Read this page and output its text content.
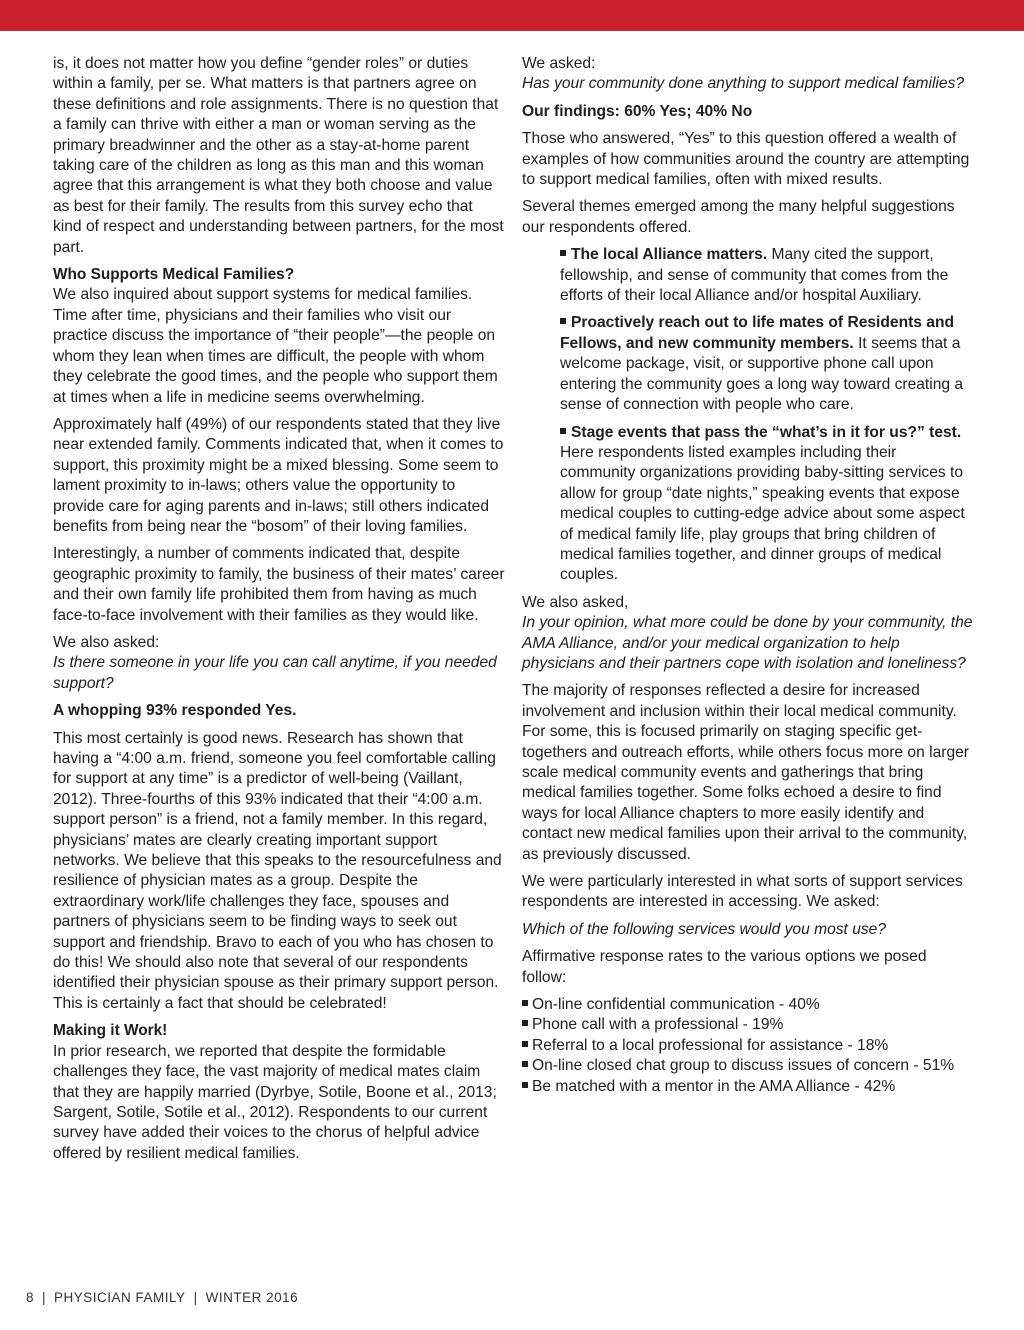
is, it does not matter how you define “gender roles” or duties within a family, per se. What matters is that partners agree on these definitions and role assignments. There is no question that a family can thrive with either a man or woman serving as the primary breadwinner and the other as a stay-at-home parent taking care of the children as long as this man and this woman agree that this arrangement is what they both choose and value as best for their family. The results from this survey echo that kind of respect and understanding between partners, for the most part.

Who Supports Medical Families?

We also inquired about support systems for medical families. Time after time, physicians and their families who visit our practice discuss the importance of “their people”—the people on whom they lean when times are difficult, the people with whom they celebrate the good times, and the people who support them at times when a life in medicine seems overwhelming.

Approximately half (49%) of our respondents stated that they live near extended family. Comments indicated that, when it comes to support, this proximity might be a mixed blessing. Some seem to lament proximity to in-laws; others value the opportunity to provide care for aging parents and in-laws; still others indicated benefits from being near the “bosom” of their loving families.

Interestingly, a number of comments indicated that, despite geographic proximity to family, the business of their mates’ career and their own family life prohibited them from having as much face-to-face involvement with their families as they would like.

We also asked:

Is there someone in your life you can call anytime, if you needed support?

A whopping 93% responded Yes.

This most certainly is good news. Research has shown that having a “4:00 a.m. friend, someone you feel comfortable calling for support at any time” is a predictor of well-being (Vaillant, 2012). Three-fourths of this 93% indicated that their “4:00 a.m. support person” is a friend, not a family member. In this regard, physicians’ mates are clearly creating important support networks. We believe that this speaks to the resourcefulness and resilience of physician mates as a group. Despite the extraordinary work/life challenges they face, spouses and partners of physicians seem to be finding ways to seek out support and friendship. Bravo to each of you who has chosen to do this! We should also note that several of our respondents identified their physician spouse as their primary support person. This is certainly a fact that should be celebrated!

Making it Work!

In prior research, we reported that despite the formidable challenges they face, the vast majority of medical mates claim that they are happily married (Dyrbye, Sotile, Boone et al., 2013; Sargent, Sotile, Sotile et al., 2012). Respondents to our current survey have added their voices to the chorus of helpful advice offered by resilient medical families.

We asked:

Has your community done anything to support medical families?

Our findings: 60% Yes; 40% No

Those who answered, “Yes” to this question offered a wealth of examples of how communities around the country are attempting to support medical families, often with mixed results.

Several themes emerged among the many helpful suggestions our respondents offered.

The local Alliance matters. Many cited the support, fellowship, and sense of community that comes from the efforts of their local Alliance and/or hospital Auxiliary.
Proactively reach out to life mates of Residents and Fellows, and new community members. It seems that a welcome package, visit, or supportive phone call upon entering the community goes a long way toward creating a sense of connection with people who care.
Stage events that pass the “what’s in it for us?” test. Here respondents listed examples including their community organizations providing baby-sitting services to allow for group “date nights,” speaking events that expose medical couples to cutting-edge advice about some aspect of medical family life, play groups that bring children of medical families together, and dinner groups of medical couples.

We also asked,

In your opinion, what more could be done by your community, the AMA Alliance, and/or your medical organization to help physicians and their partners cope with isolation and loneliness?

The majority of responses reflected a desire for increased involvement and inclusion within their local medical community. For some, this is focused primarily on staging specific get-togethers and outreach efforts, while others focus more on larger scale medical community events and gatherings that bring medical families together. Some folks echoed a desire to find ways for local Alliance chapters to more easily identify and contact new medical families upon their arrival to the community, as previously discussed.

We were particularly interested in what sorts of support services respondents are interested in accessing. We asked:

Which of the following services would you most use?

Affirmative response rates to the various options we posed follow:

On-line confidential communication - 40%
Phone call with a professional - 19%
Referral to a local professional for assistance - 18%
On-line closed chat group to discuss issues of concern - 51%
Be matched with a mentor in the AMA Alliance - 42%
8 | PHYSICIAN FAMILY | WINTER 2016
